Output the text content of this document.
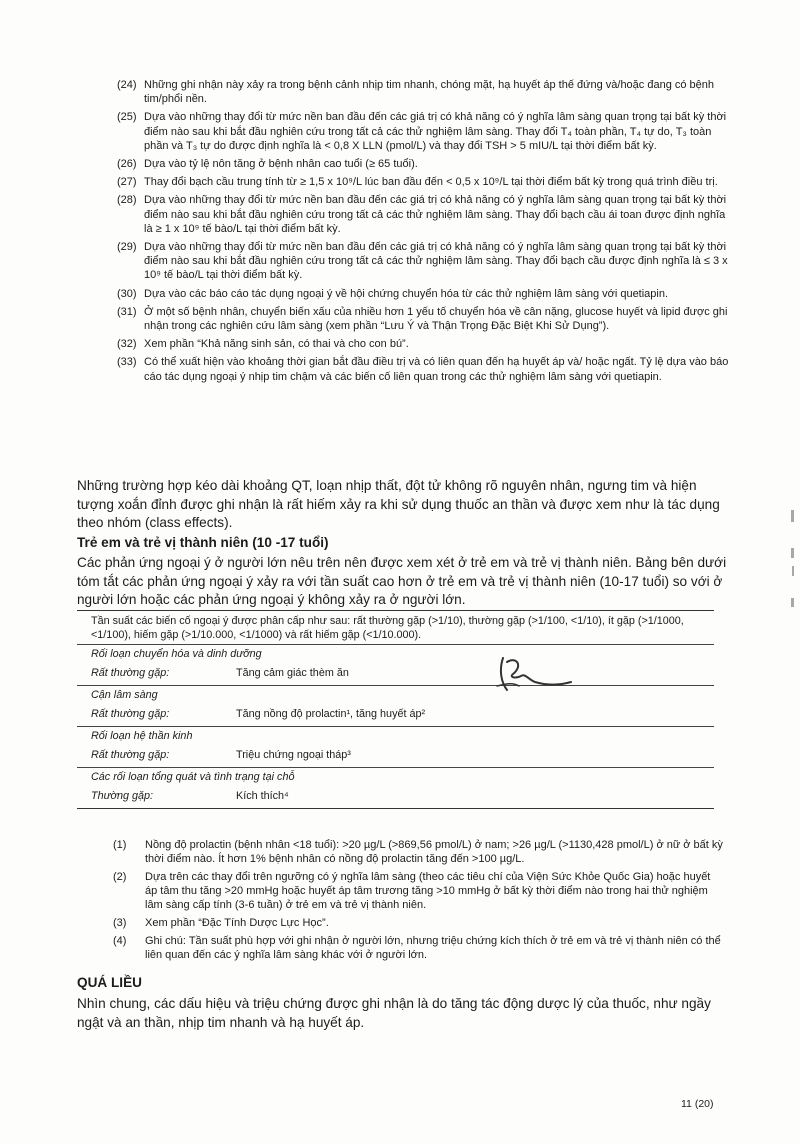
(24) Những ghi nhận này xảy ra trong bệnh cảnh nhịp tim nhanh, chóng mặt, hạ huyết áp thế đứng và/hoặc đang có bệnh tim/phổi nền.
(25) Dựa vào những thay đổi từ mức nền ban đầu đến các giá trị có khả năng có ý nghĩa lâm sàng quan trọng tại bất kỳ thời điểm nào sau khi bắt đầu nghiên cứu trong tất cả các thử nghiệm lâm sàng. Thay đổi T₄ toàn phần, T₄ tự do, T₃ toàn phần và T₃ tự do được định nghĩa là < 0,8 X LLN (pmol/L) và thay đổi TSH > 5 mIU/L tại thời điểm bất kỳ.
(26) Dựa vào tỷ lệ nôn tăng ở bệnh nhân cao tuổi (≥ 65 tuổi).
(27) Thay đổi bạch cầu trung tính từ ≥ 1,5 x 10⁹/L lúc ban đầu đến < 0,5 x 10⁹/L tại thời điểm bất kỳ trong quá trình điều trị.
(28) Dựa vào những thay đổi từ mức nền ban đầu đến các giá trị có khả năng có ý nghĩa lâm sàng quan trọng tại bất kỳ thời điểm nào sau khi bắt đầu nghiên cứu trong tất cả các thử nghiệm lâm sàng. Thay đổi bạch cầu ái toan được định nghĩa là ≥ 1 x 10⁹ tế bào/L tại thời điểm bất kỳ.
(29) Dựa vào những thay đổi từ mức nền ban đầu đến các giá trị có khả năng có ý nghĩa lâm sàng quan trọng tại bất kỳ thời điểm nào sau khi bắt đầu nghiên cứu trong tất cả các thử nghiệm lâm sàng. Thay đổi bạch cầu được định nghĩa là ≤ 3 x 10⁹ tế bào/L tại thời điểm bất kỳ.
(30) Dựa vào các báo cáo tác dụng ngoại ý về hội chứng chuyển hóa từ các thử nghiệm lâm sàng với quetiapin.
(31) Ở một số bệnh nhân, chuyển biến xấu của nhiều hơn 1 yếu tố chuyển hóa về cân nặng, glucose huyết và lipid được ghi nhận trong các nghiên cứu lâm sàng (xem phần “Lưu Ý và Thận Trọng Đặc Biệt Khi Sử Dụng”).
(32) Xem phần “Khả năng sinh sản, có thai và cho con bú”.
(33) Có thể xuất hiện vào khoảng thời gian bắt đầu điều trị và có liên quan đến hạ huyết áp và/ hoặc ngất. Tỷ lệ dựa vào báo cáo tác dụng ngoại ý nhịp tim chậm và các biến cố liên quan trong các thử nghiệm lâm sàng với quetiapin.
Những trường hợp kéo dài khoảng QT, loạn nhịp thất, đột tử không rõ nguyên nhân, ngưng tim và hiện tượng xoắn đỉnh được ghi nhận là rất hiếm xảy ra khi sử dụng thuốc an thần và được xem như là tác dụng theo nhóm (class effects).
Trẻ em và trẻ vị thành niên (10 -17 tuổi)
Các phản ứng ngoại ý ở người lớn nêu trên nên được xem xét ở trẻ em và trẻ vị thành niên. Bảng bên dưới tóm tắt các phản ứng ngoại ý xảy ra với tần suất cao hơn ở trẻ em và trẻ vị thành niên (10-17 tuổi) so với ở người lớn hoặc các phản ứng ngoại ý không xảy ra ở người lớn.
Tần suất các biến cố ngoại ý được phân cấp như sau: rất thường gặp (>1/10), thường gặp (>1/100, <1/10), ít gặp (>1/1000, <1/100), hiếm gặp (>1/10.000, <1/1000) và rất hiếm gặp (<1/10.000).
Rối loạn chuyển hóa và dinh dưỡng
Rất thường gặp:	Tăng cảm giác thèm ăn
Cận lâm sàng
Rất thường gặp:	Tăng nồng độ prolactin¹, tăng huyết áp²
Rối loạn hệ thần kinh
Rất thường gặp:	Triệu chứng ngoại tháp³
Các rối loạn tổng quát và tình trạng tại chỗ
Thường gặp:	Kích thích⁴
(1)	Nồng độ prolactin (bệnh nhân <18 tuổi): >20 µg/L (>869,56 pmol/L) ở nam; >26 µg/L (>1130,428 pmol/L) ở nữ ở bất kỳ thời điểm nào. Ít hơn 1% bệnh nhân có nồng độ prolactin tăng đến >100 µg/L.
(2)	Dựa trên các thay đổi trên ngưỡng có ý nghĩa lâm sàng (theo các tiêu chí của Viện Sức Khỏe Quốc Gia) hoặc huyết áp tâm thu tăng >20 mmHg hoặc huyết áp tâm trương tăng >10 mmHg ở bất kỳ thời điểm nào trong hai thử nghiệm lâm sàng cấp tính (3-6 tuần) ở trẻ em và trẻ vị thành niên.
(3)	Xem phần “Đặc Tính Dược Lực Học”.
(4)	Ghi chú: Tần suất phù hợp với ghi nhận ở người lớn, nhưng triệu chứng kích thích ở trẻ em và trẻ vị thành niên có thể liên quan đến các ý nghĩa lâm sàng khác với ở người lớn.
QUÁ LIỀU
Nhìn chung, các dấu hiệu và triệu chứng được ghi nhận là do tăng tác động dược lý của thuốc, như ngầy ngật và an thần, nhịp tim nhanh và hạ huyết áp.
11 (20)
